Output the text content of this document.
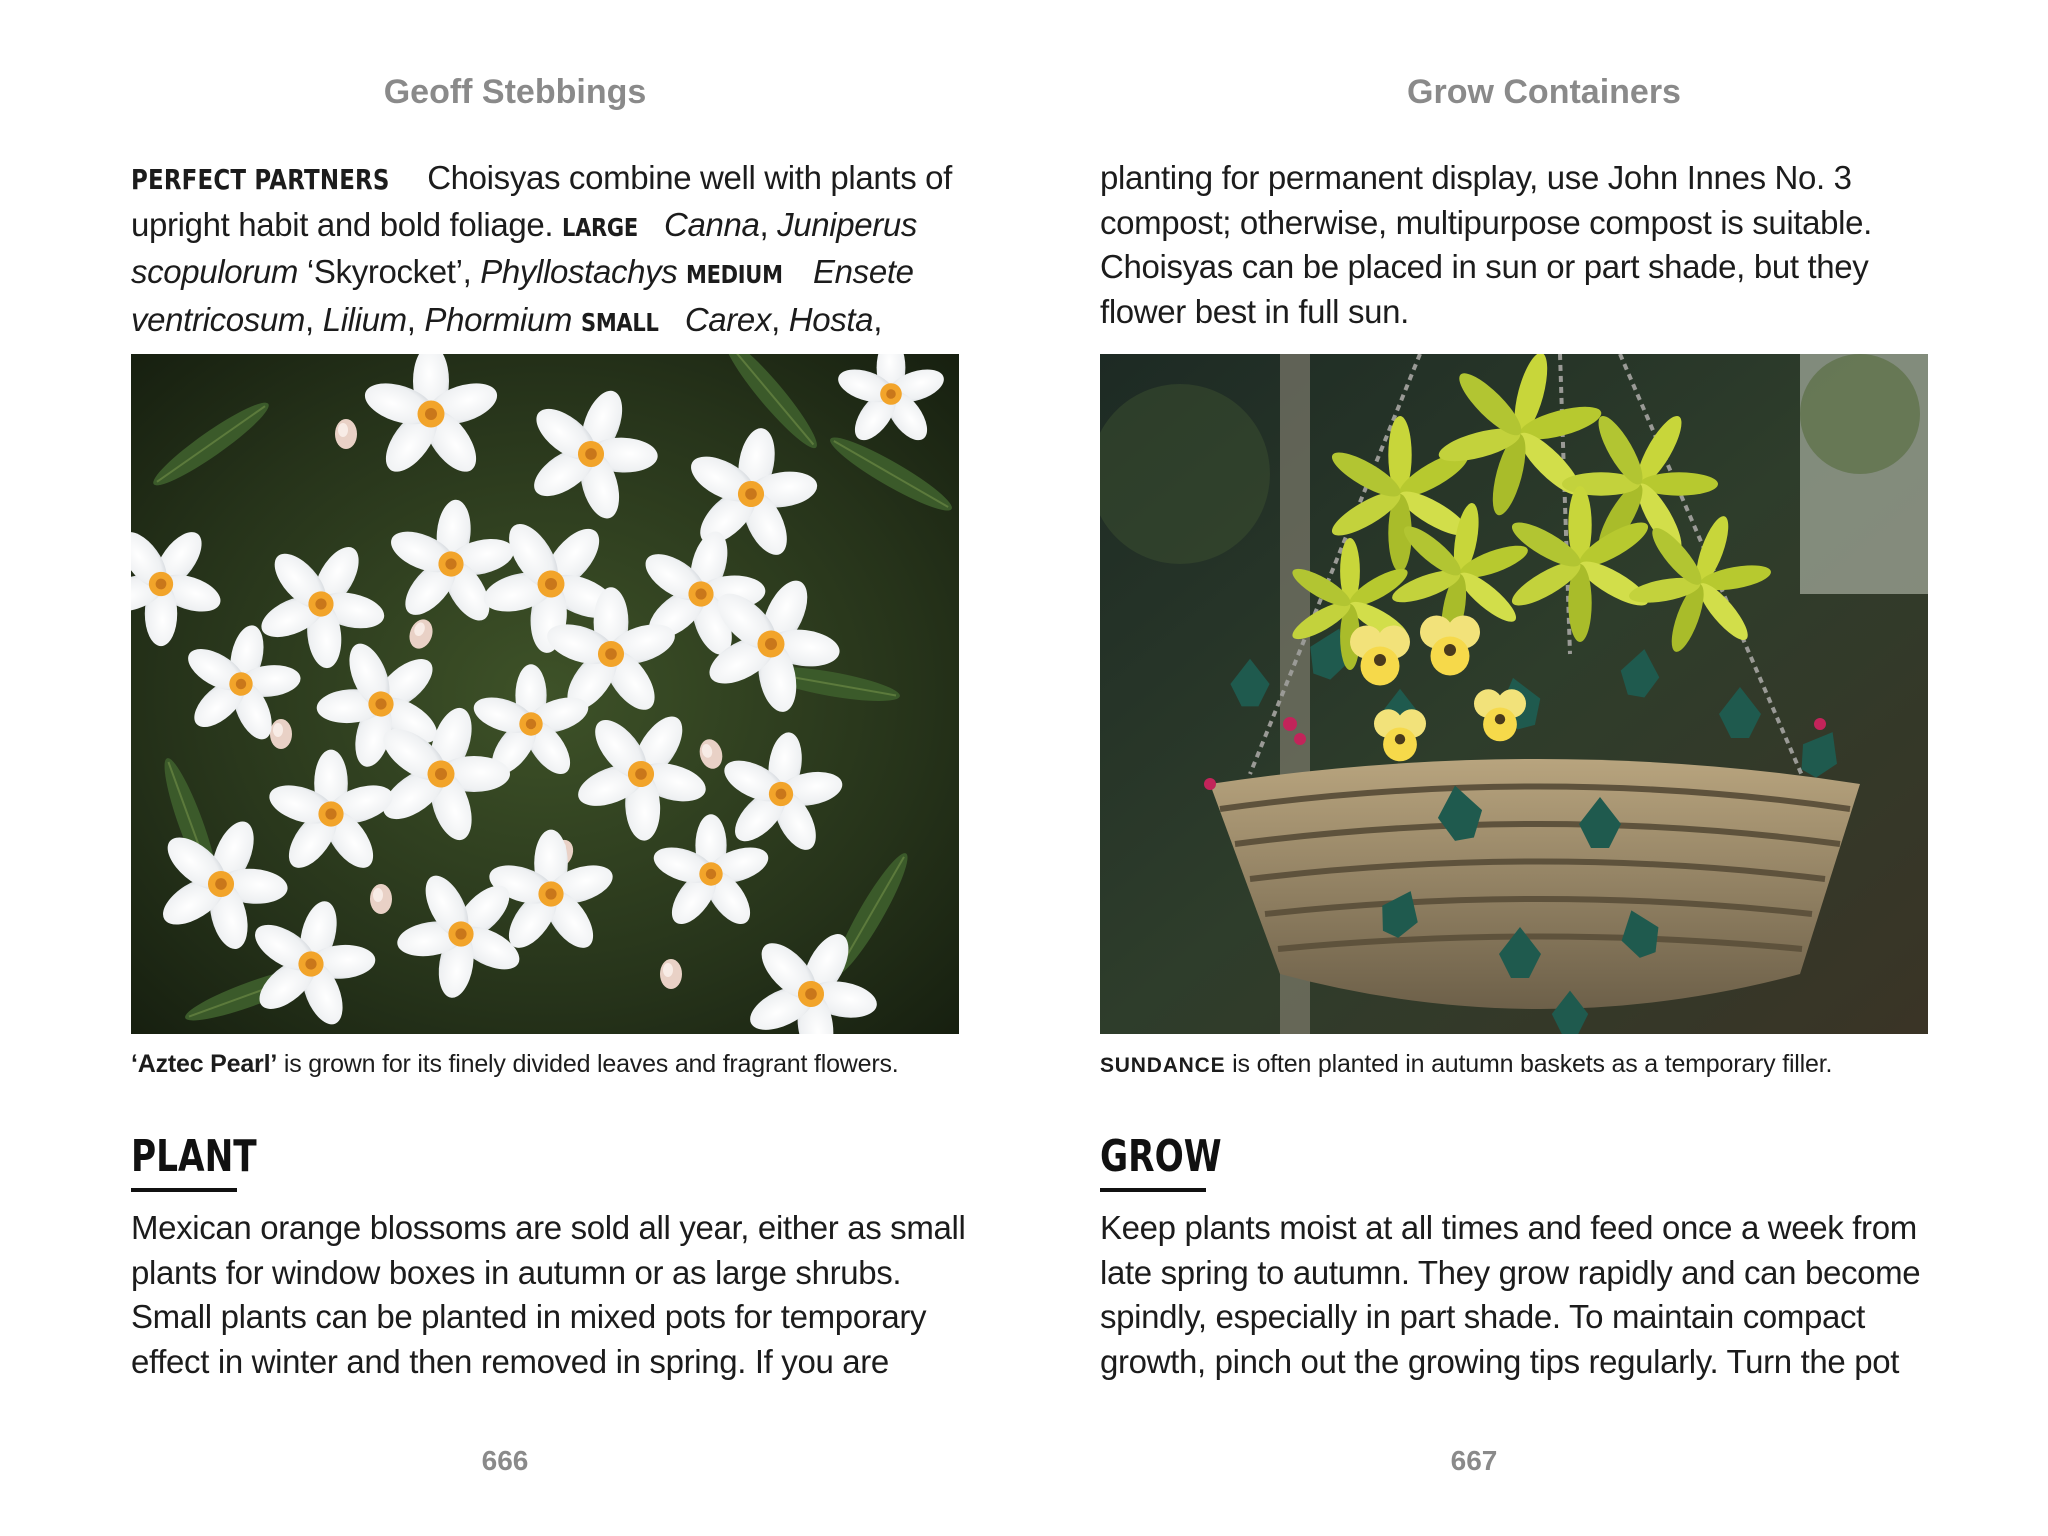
Geoff Stebbings

PERFECT PARTNERS Choisyas combine well with plants of upright habit and bold foliage. LARGE Canna, Juniperus scopulorum ‘Skyrocket’, Phyllostachys MEDIUM Ensete ventricosum, Lilium, Phormium SMALL Carex, Hosta,

‘Aztec Pearl’ is grown for its finely divided leaves and fragrant flowers.

PLANT

Mexican orange blossoms are sold all year, either as small plants for window boxes in autumn or as large shrubs. Small plants can be planted in mixed pots for temporary effect in winter and then removed in spring. If you are

666
Grow Containers

planting for permanent display, use John Innes No. 3 compost; otherwise, multipurpose compost is suitable. Choisyas can be placed in sun or part shade, but they flower best in full sun.

SUNDANCE is often planted in autumn baskets as a temporary filler.

GROW

Keep plants moist at all times and feed once a week from late spring to autumn. They grow rapidly and can become spindly, especially in part shade. To maintain compact growth, pinch out the growing tips regularly. Turn the pot

667
